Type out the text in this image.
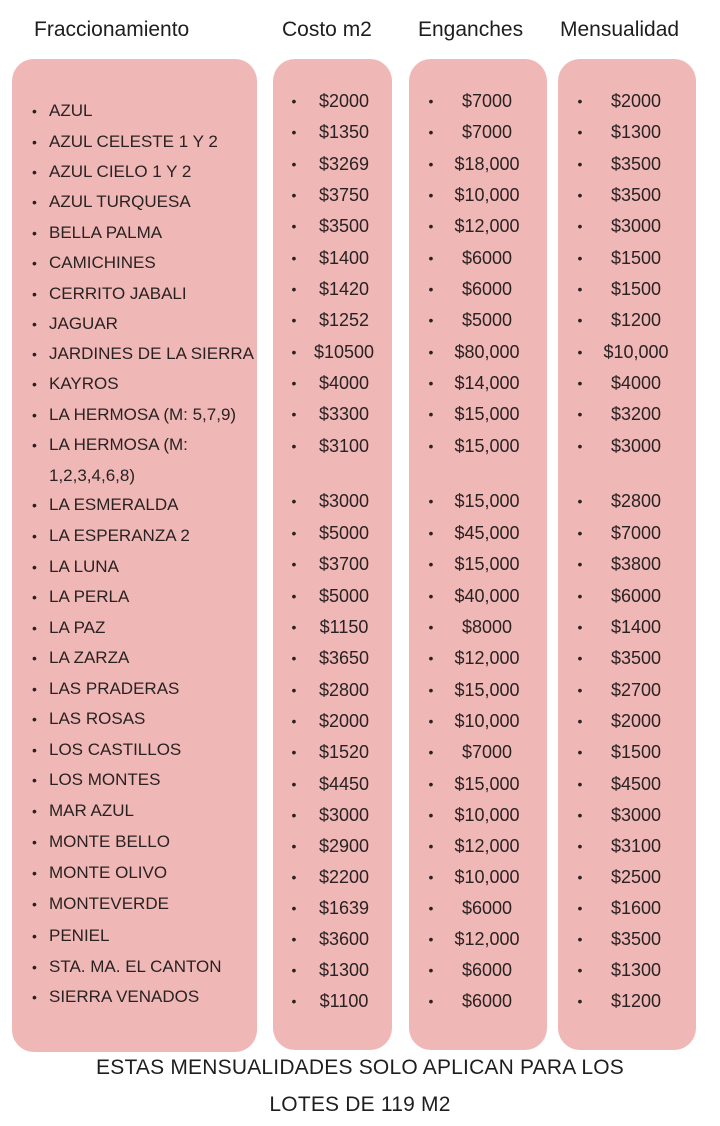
Fraccionamiento	Costo m2 Enganches Mensualidad
• AZUL	•	$2000	•	$7000	•	$2000
• AZUL CELESTE 1 Y 2	•	$1350	•	$7000	•	$1300
• AZUL CIELO 1 Y 2	•	$3269	•	$18,000	•	$3500
• AZUL TURQUESA	•	$3750	•	$10,000	•	$3500
• BELLA PALMA	•	$3500	•	$12,000	•	$3000
• CAMICHINES	•	$1400	•	$6000	•	$1500
• CERRITO JABALI	•	$1420	•	$6000	•	$1500
• JAGUAR	•	$1252	•	$5000	•	$1200
• JARDINES DE LA SIERRA	• $10500	•	$80,000	•	$10,000
• KAYROS	•	$4000	•	$14,000	•	$4000
• LA HERMOSA (M: 5,7,9)	•	$3300	•	$15,000	•	$3200
• LA HERMOSA (M:
1,2,3,4,6,8)
•	$3100	•	$15,000	•	$3000
• LA ESMERALDA	•	$3000	•	$15,000	•	$2800
• LA ESPERANZA 2	•	$5000	•	$45,000	•	$7000
• LA LUNA	•	$3700	•	$15,000	•	$3800
• LA PERLA	•	$5000	•	$40,000	•	$6000
• LA PAZ	•	$1150	•	$8000	•	$1400
• LA ZARZA	•	$3650	•	$12,000	•	$3500
• LAS PRADERAS	•	$2800	•	$15,000	•	$2700
• LAS ROSAS	•	$2000	•	$10,000	•	$2000
• LOS CASTILLOS	•	$1520	•	$7000	•	$1500
• LOS MONTES	•	$4450	•	$15,000	•	$4500
• MAR AZUL	•	$3000	•	$10,000	•	$3000
• MONTE BELLO	•	$2900	•	$12,000	•	$3100
• MONTE OLIVO	•	$2200	•	$10,000	•	$2500
• MONTEVERDE	•	$1639	•	$6000	•	$1600
• PENIEL	•	$3600	•	$12,000	•	$3500
• STA. MA. EL CANTON	•	$1300	•	$6000	•	$1300
• SIERRA VENADOS	•	$1100	•	$6000	•	$1200
ESTAS MENSUALIDADES SOLO APLICAN PARA LOS
LOTES DE 119 M2
